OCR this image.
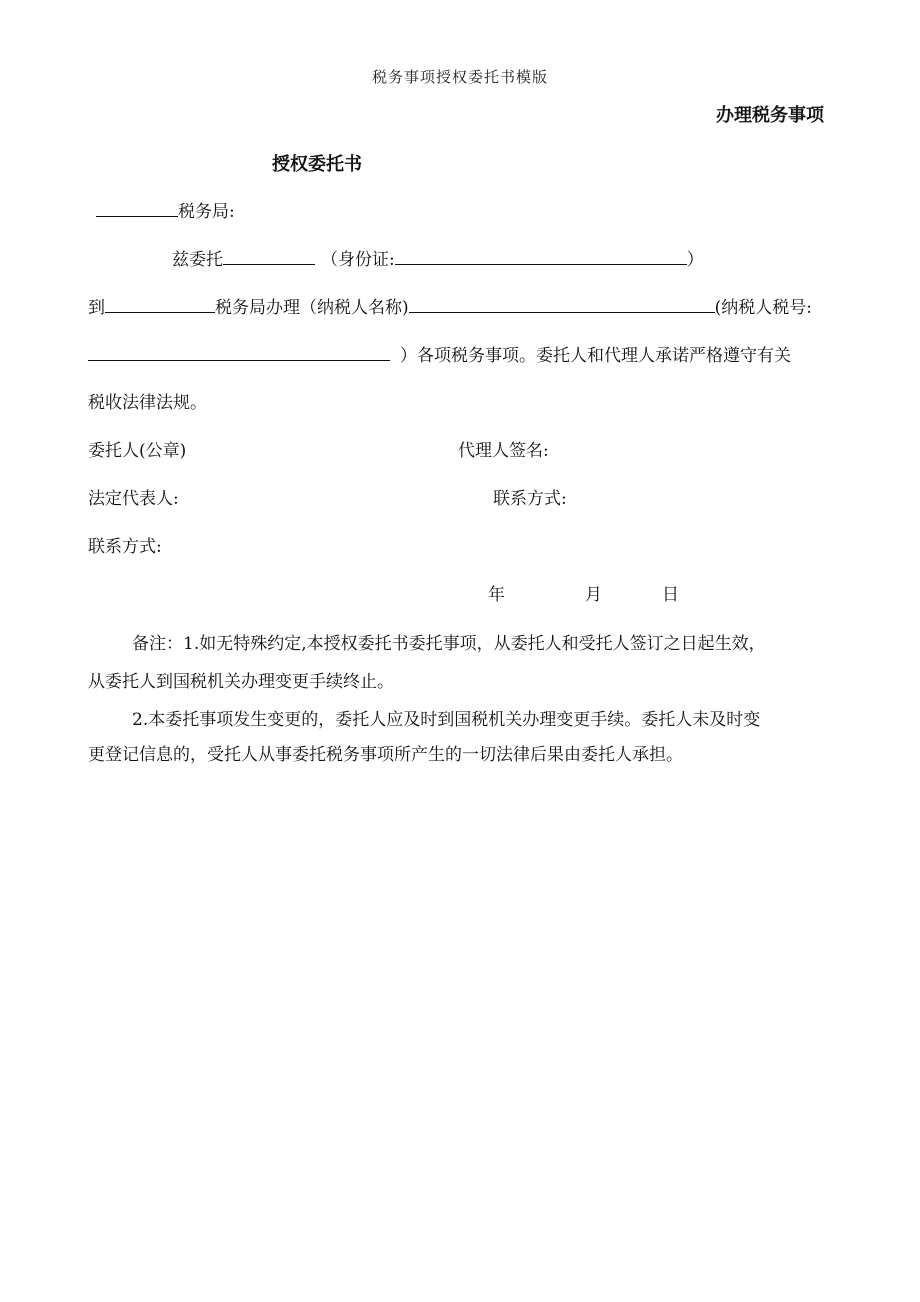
税务事项授权委托书模版
办理税务事项
授权委托书
税务局:
兹委托	（身份证:	）
到	税务局办理（纳税人名称)	(纳税人税号:
）各项税务事项。委托人和代理人承诺严格遵守有关
税收法律法规。
委托人(公章)	代理人签名:
法定代表人:	联系方式:
联系方式:
年	月	日
备注：1.如无特殊约定,本授权委托书委托事项，从委托人和受托人签订之日起生效，
从委托人到国税机关办理变更手续终止。
2.本委托事项发生变更的，委托人应及时到国税机关办理变更手续。委托人未及时变
更登记信息的，受托人从事委托税务事项所产生的一切法律后果由委托人承担。
